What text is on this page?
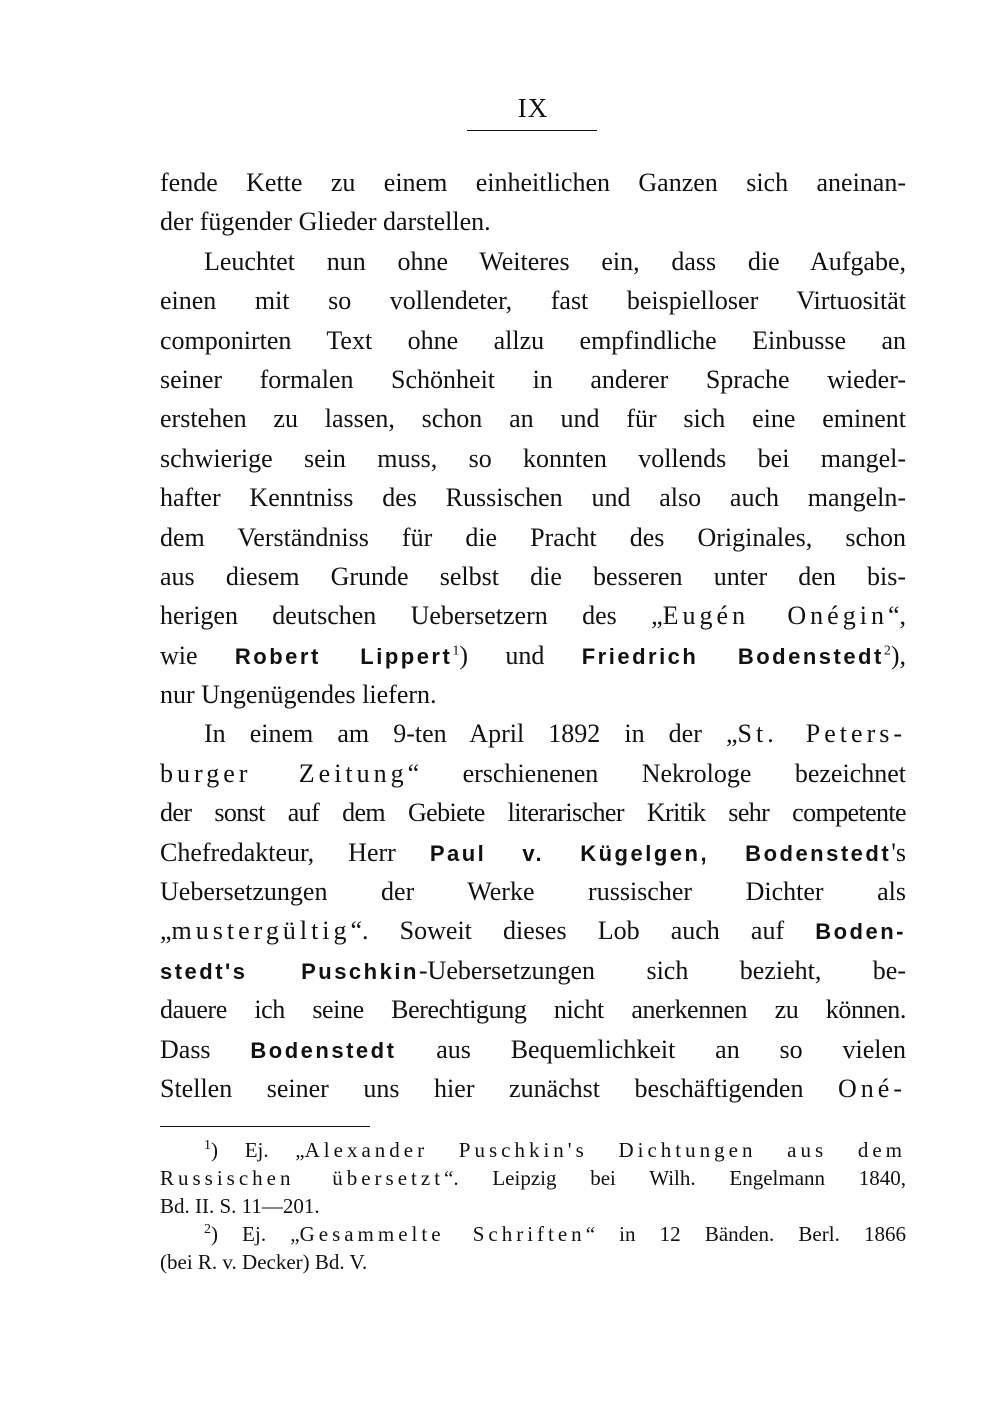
IX
fende Kette zu einem einheitlichen Ganzen sich aneinan-
der fügender Glieder darstellen.
Leuchtet nun ohne Weiteres ein, dass die Aufgabe,
einen mit so vollendeter, fast beispielloser Virtuosität
componirten Text ohne allzu empfindliche Einbusse an
seiner formalen Schönheit in anderer Sprache wieder-
erstehen zu lassen, schon an und für sich eine eminent
schwierige sein muss, so konnten vollends bei mangel-
hafter Kenntniss des Russischen und also auch mangeln-
dem Verständniss für die Pracht des Originales, schon
aus diesem Grunde selbst die besseren unter den bis-
herigen deutschen Uebersetzern des „Eugén Onégin“,
wie Robert Lippert$^1$) und Friedrich Bodenstedt$^2$),
nur Ungenügendes liefern.
In einem am 9-ten April 1892 in der „St. Peters-
burger Zeitung“ erschienenen Nekrologe bezeichnet
der sonst auf dem Gebiete literarischer Kritik sehr competente
Chefredakteur, Herr Paul v. Kügelgen, Bodenstedt's
Uebersetzungen der Werke russischer Dichter als
„mustergültig“. Soweit dieses Lob auch auf Boden-
stedt's Puschkin-Uebersetzungen sich bezieht, be-
dauere ich seine Berechtigung nicht anerkennen zu können.
Dass Bodenstedt aus Bequemlichkeit an so vielen
Stellen seiner uns hier zunächst beschäftigenden Oné-
$^1$) Ej. „Alexander Puschkin's Dichtungen aus dem
Russischen übersetzt“. Leipzig bei Wilh. Engelmann 1840,
Bd. II. S. 11—201.
$^2$) Ej. „Gesammelte Schriften“ in 12 Bänden. Berl. 1866
(bei R. v. Decker) Bd. V.
